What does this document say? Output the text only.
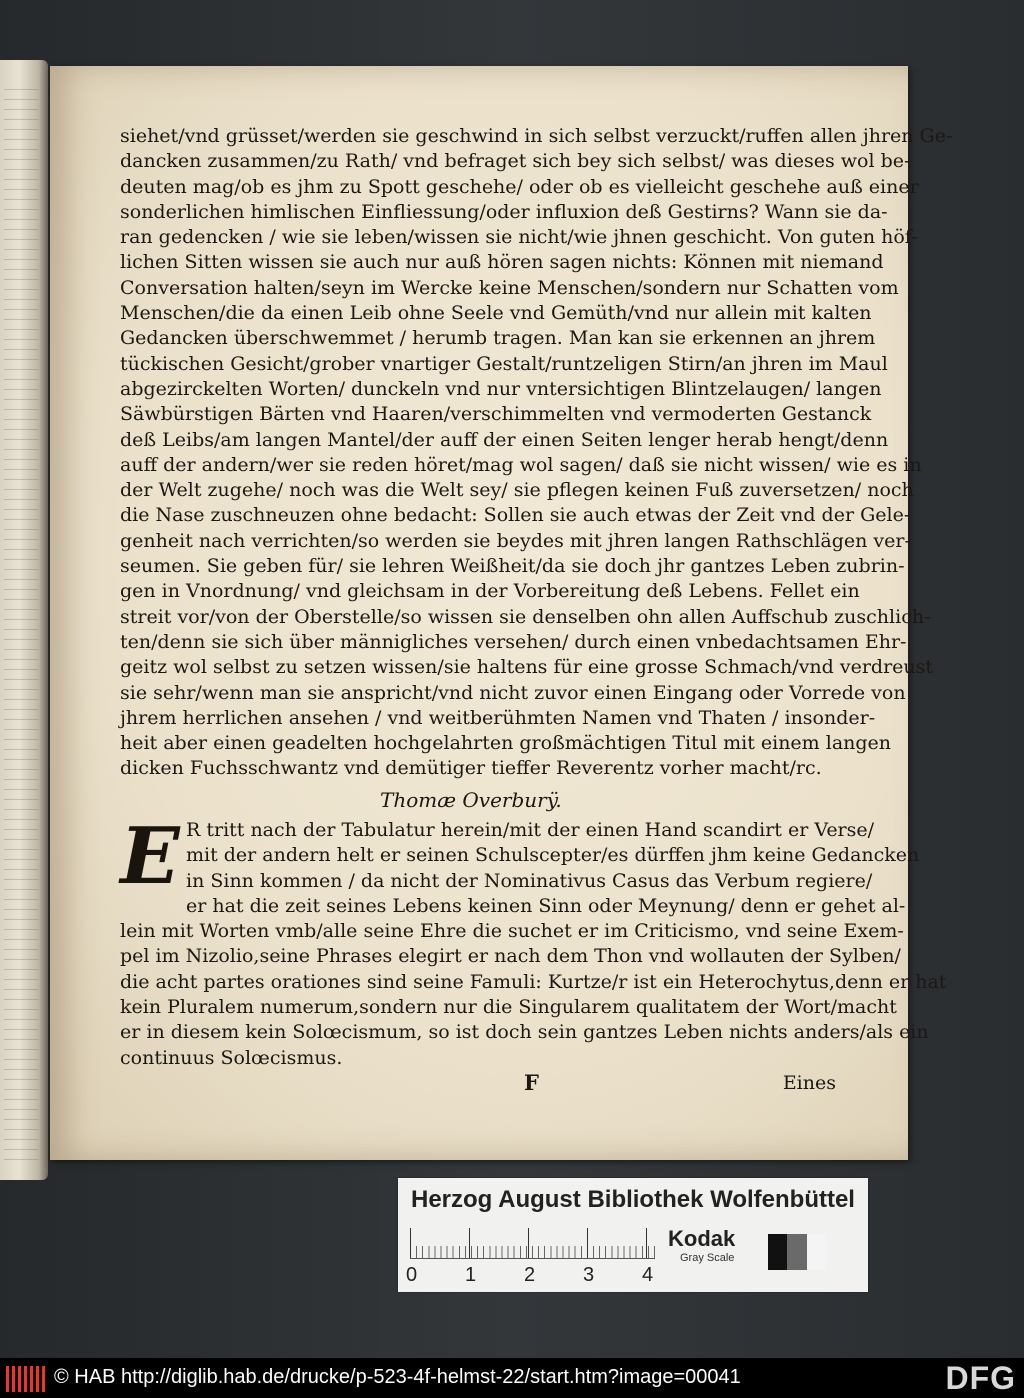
siehet/vnd grüsset/werden sie geschwind in sich selbst verzuckt/ruffen allen jhren Ge-
dancken zusammen/zu Rath/ vnd befraget sich bey sich selbst/ was dieses wol be-
deuten mag/ob es jhm zu Spott geschehe/ oder ob es vielleicht geschehe auß einer
sonderlichen himlischen Einfliessung/oder influxion deß Gestirns? Wann sie da-
ran gedencken / wie sie leben/wissen sie nicht/wie jhnen geschicht. Von guten höf-
lichen Sitten wissen sie auch nur auß hören sagen nichts: Können mit niemand
Conversation halten/seyn im Wercke keine Menschen/sondern nur Schatten vom
Menschen/die da einen Leib ohne Seele vnd Gemüth/vnd nur allein mit kalten
Gedancken überschwemmet / herumb tragen. Man kan sie erkennen an jhrem
tückischen Gesicht/grober vnartiger Gestalt/runtzeligen Stirn/an jhren im Maul
abgezirckelten Worten/ dunckeln vnd nur vntersichtigen Blintzelaugen/ langen
Säwbürstigen Bärten vnd Haaren/verschimmelten vnd vermoderten Gestanck
deß Leibs/am langen Mantel/der auff der einen Seiten lenger herab hengt/denn
auff der andern/wer sie reden höret/mag wol sagen/ daß sie nicht wissen/ wie es in
der Welt zugehe/ noch was die Welt sey/ sie pflegen keinen Fuß zuversetzen/ noch
die Nase zuschneuzen ohne bedacht: Sollen sie auch etwas der Zeit vnd der Gele-
genheit nach verrichten/so werden sie beydes mit jhren langen Rathschlägen ver-
seumen. Sie geben für/ sie lehren Weißheit/da sie doch jhr gantzes Leben zubrin-
gen in Vnordnung/ vnd gleichsam in der Vorbereitung deß Lebens. Fellet ein
streit vor/von der Oberstelle/so wissen sie denselben ohn allen Auffschub zuschlich-
ten/denn sie sich über männigliches versehen/ durch einen vnbedachtsamen Ehr-
geitz wol selbst zu setzen wissen/sie haltens für eine grosse Schmach/vnd verdreust
sie sehr/wenn man sie anspricht/vnd nicht zuvor einen Eingang oder Vorrede von
jhrem herrlichen ansehen / vnd weitberühmten Namen vnd Thaten / insonder-
heit aber einen geadelten hochgelahrten großmächtigen Titul mit einem langen
dicken Fuchsschwantz vnd demütiger tieffer Reverentz vorher macht/rc.
Thomæ Overburÿ.
E R tritt nach der Tabulatur herein/mit der einen Hand scandirt er Verse/
mit der andern helt er seinen Schulscepter/es dürffen jhm keine Gedancken
in Sinn kommen / da nicht der Nominativus Casus das Verbum regiere/
er hat die zeit seines Lebens keinen Sinn oder Meynung/ denn er gehet al-
lein mit Worten vmb/alle seine Ehre die suchet er im Criticismo, vnd seine Exem-
pel im Nizolio,seine Phrases elegirt er nach dem Thon vnd wollauten der Sylben/
die acht partes orationes sind seine Famuli: Kurtze/r ist ein Heterochytus,denn er hat
kein Pluralem numerum,sondern nur die Singularem qualitatem der Wort/macht
er in diesem kein Solœcismum, so ist doch sein gantzes Leben nichts anders/als ein
continuus Solœcismus.
F	Eines
Herzog August Bibliothek Wolfenbüttel
0 1 2 3 4
Kodak
Gray Scale
© HAB http://diglib.hab.de/drucke/p-523-4f-helmst-22/start.htm?image=00041	DFG
